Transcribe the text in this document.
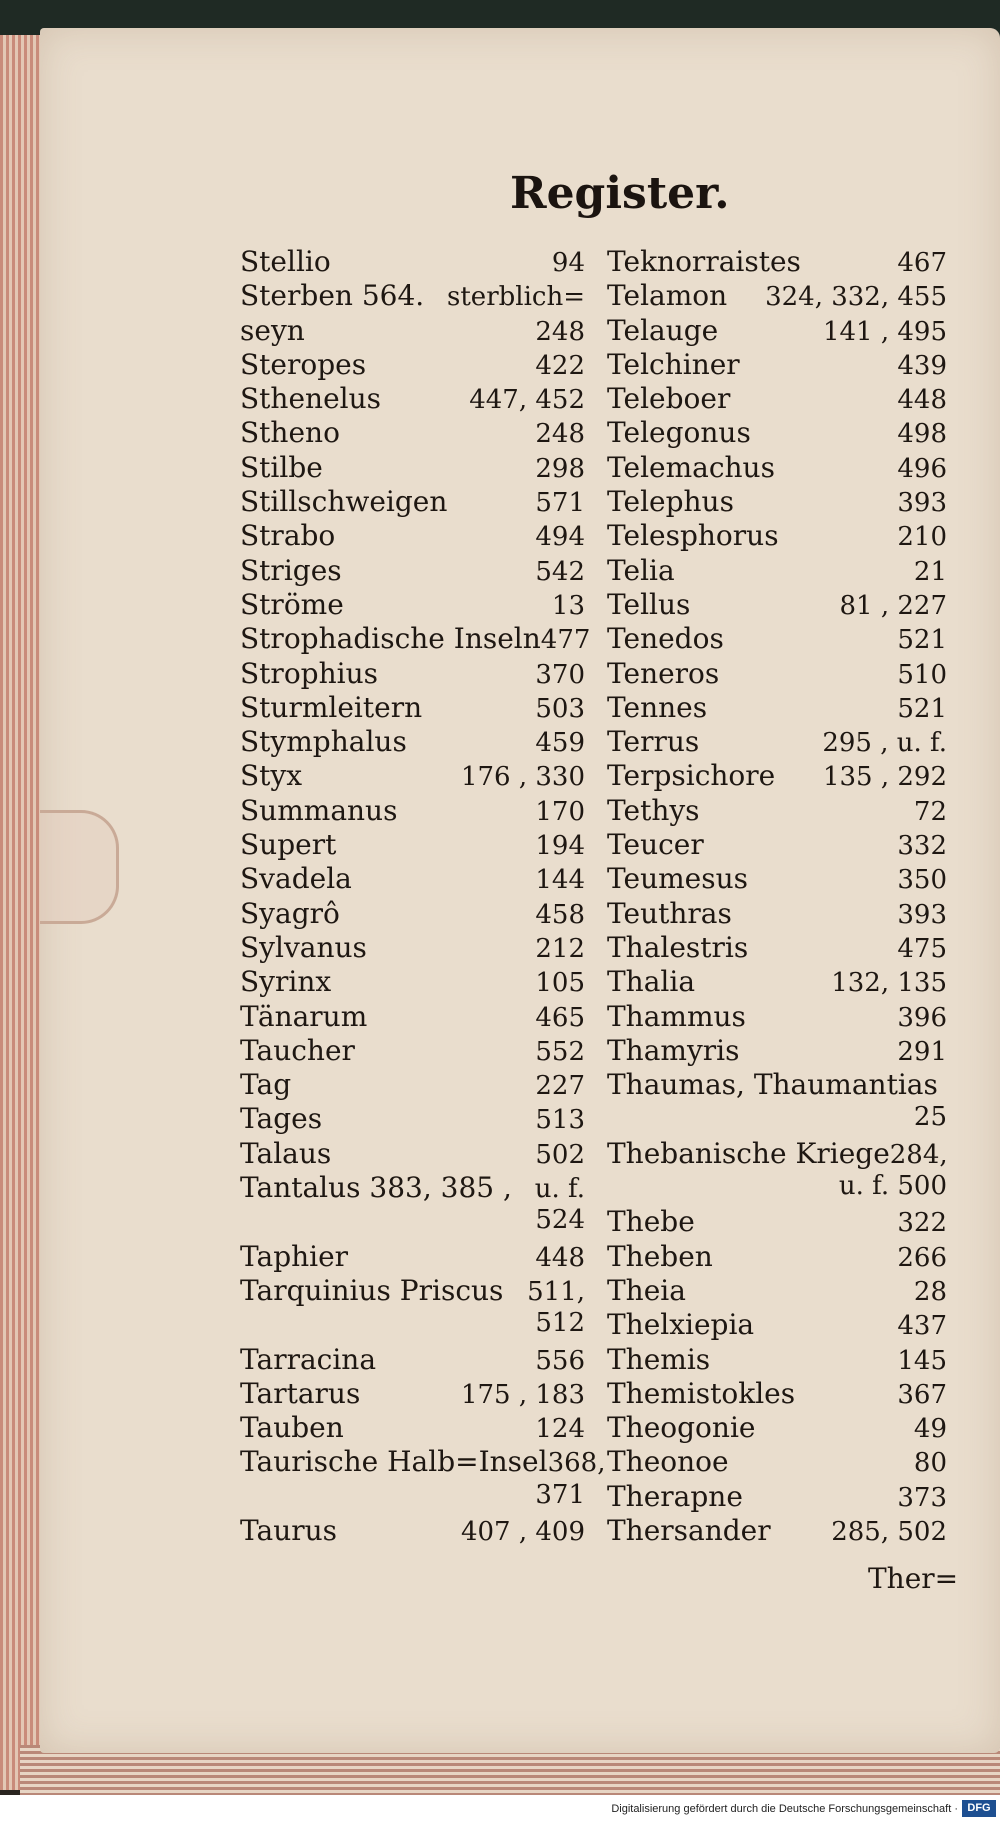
Register.
Stellio	94
Sterben 564. sterblich=
seyn	248
Steropes	422
Sthenelus	447, 452
Stheno	248
Stilbe	298
Stillschweigen	571
Strabo	494
Striges	542
Ströme	13
Strophadische Inseln 477
Strophius	370
Sturmleitern	503
Stymphalus	459
Styx	176 , 330
Summanus	170
Supert	194
Svadela	144
Syagrô	458
Sylvanus	212
Syrinx	105
Tänarum	465
Taucher	552
Tag	227
Tages	513
Talaus	502
Tantalus 383, 385 , u. f.
524
Taphier	448
Tarquinius Priscus 511,
512
Tarracina	556
Tartarus	175 , 183
Tauben	124
Taurische Halb=Insel 368,
371
Taurus	407 , 409
Teknorraistes	467
Telamon 324, 332, 455
Telauge	141 , 495
Telchiner	439
Teleboer	448
Telegonus	498
Telemachus	496
Telephus	393
Telesphorus	210
Telia	21
Tellus	81 , 227
Tenedos	521
Teneros	510
Tennes	521
Terrus	295 , u. f.
Terpsichore 135 , 292
Tethys	72
Teucer	332
Teumesus	350
Teuthras	393
Thalestris	475
Thalia	132, 135
Thammus	396
Thamyris	291
Thaumas, Thaumantias
25
Thebanische Kriege 284,
u. f. 500
Thebe	322
Theben	266
Theia	28
Thelxiepia	437
Themis	145
Themistokles	367
Theogonie	49
Theonoe	80
Therapne	373
Thersander 285, 502
Ther=
Digitalisierung gefördert durch die Deutsche Forschungsgemeinschaft · DFG
